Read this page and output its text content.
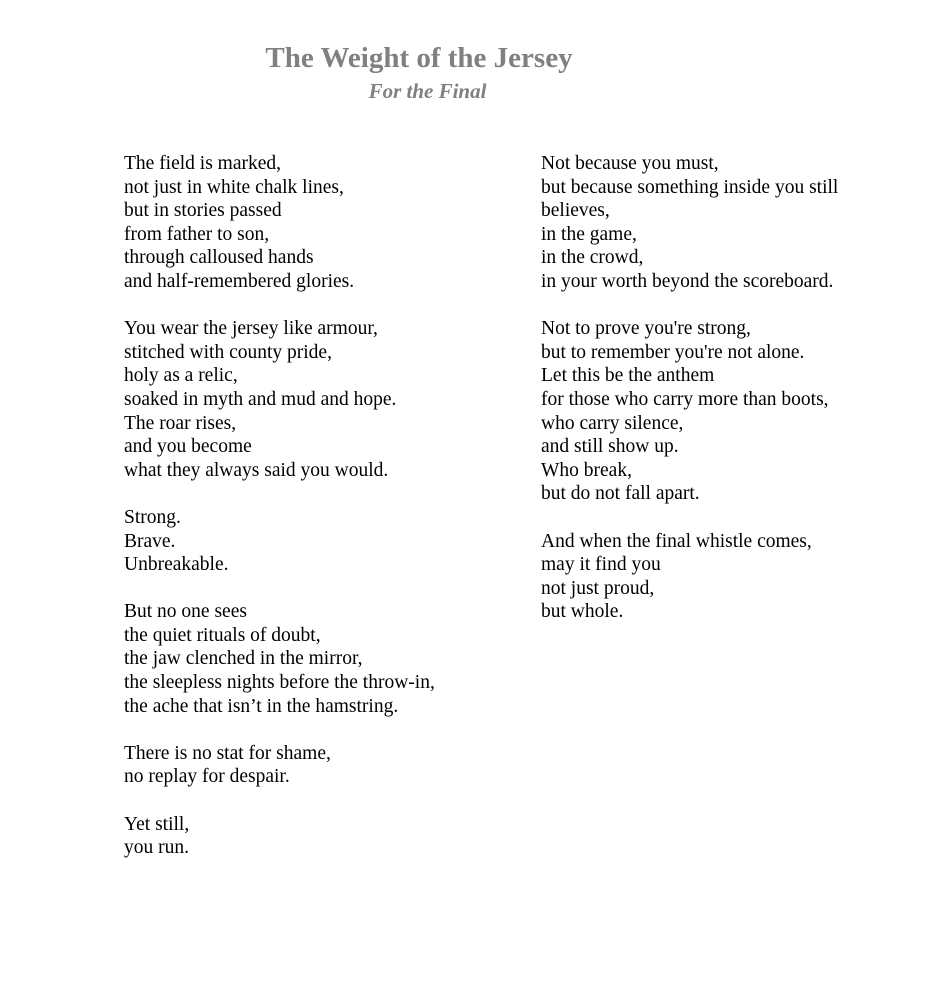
The Weight of the Jersey
For the Final
The field is marked,
not just in white chalk lines,
but in stories passed
from father to son,
through calloused hands
and half-remembered glories.
You wear the jersey like armour,
stitched with county pride,
holy as a relic,
soaked in myth and mud and hope.
The roar rises,
and you become
what they always said you would.
Strong.
Brave.
Unbreakable.
But no one sees
the quiet rituals of doubt,
the jaw clenched in the mirror,
the sleepless nights before the throw-in,
the ache that isn’t in the hamstring.
There is no stat for shame,
no replay for despair.
Yet still,
you run.
Not because you must,
but because something inside you still
believes,
in the game,
in the crowd,
in your worth beyond the scoreboard.
Not to prove you're strong,
but to remember you're not alone.
Let this be the anthem
for those who carry more than boots,
who carry silence,
and still show up.
Who break,
but do not fall apart.
And when the final whistle comes,
may it find you
not just proud,
but whole.
